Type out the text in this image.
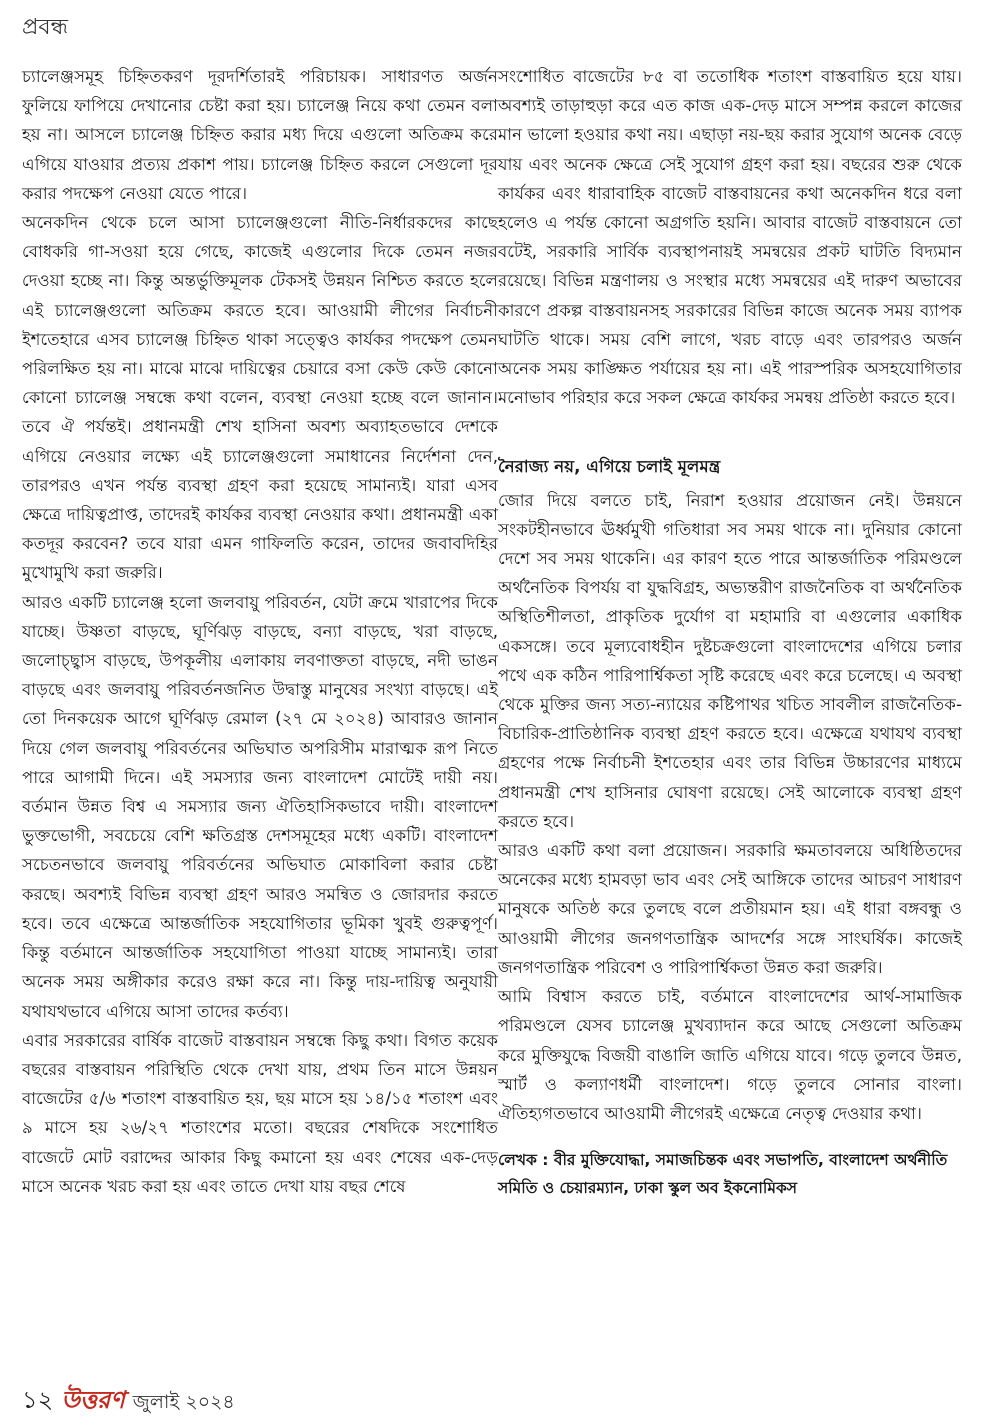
প্রবন্ধ

চ্যালেঞ্জসমূহ চিহ্নিতকরণ দূরদর্শিতারই পরিচায়ক। সাধারণত অর্জন ফুলিয়ে ফাপিয়ে দেখানোর চেষ্টা করা হয়। চ্যালেঞ্জ নিয়ে কথা তেমন বলা হয় না। আসলে চ্যালেঞ্জ চিহ্নিত করার মধ্য দিয়ে এগুলো অতিক্রম করে এগিয়ে যাওয়ার প্রত্যয় প্রকাশ পায়। চ্যালেঞ্জ চিহ্নিত করলে সেগুলো দূর করার পদক্ষেপ নেওয়া যেতে পারে।

অনেকদিন থেকে চলে আসা চ্যালেঞ্জগুলো নীতি-নির্ধারকদের কাছে বোধকরি গা-সওয়া হয়ে গেছে, কাজেই এগুলোর দিকে তেমন নজর দেওয়া হচ্ছে না। কিন্তু অন্তর্ভুক্তিমূলক টেকসই উন্নয়ন নিশ্চিত করতে হলে এই চ্যালেঞ্জগুলো অতিক্রম করতে হবে। আওয়ামী লীগের নির্বাচনী ইশতেহারে এসব চ্যালেঞ্জ চিহ্নিত থাকা সত্ত্বেও কার্যকর পদক্ষেপ তেমন পরিলক্ষিত হয় না। মাঝে মাঝে দায়িত্বের চেয়ারে বসা কেউ কেউ কোনো কোনো চ্যালেঞ্জ সম্বন্ধে কথা বলেন, ব্যবস্থা নেওয়া হচ্ছে বলে জানান। তবে ঐ পর্যন্তই। প্রধানমন্ত্রী শেখ হাসিনা অবশ্য অব্যাহতভাবে দেশকে এগিয়ে নেওয়ার লক্ষ্যে এই চ্যালেঞ্জগুলো সমাধানের নির্দেশনা দেন, তারপরও এখন পর্যন্ত ব্যবস্থা গ্রহণ করা হয়েছে সামান্যই। যারা এসব ক্ষেত্রে দায়িত্বপ্রাপ্ত, তাদেরই কার্যকর ব্যবস্থা নেওয়ার কথা। প্রধানমন্ত্রী একা কতদূর করবেন? তবে যারা এমন গাফিলতি করেন, তাদের জবাবদিহির মুখোমুখি করা জরুরি।

আরও একটি চ্যালেঞ্জ হলো জলবায়ু পরিবর্তন, যেটা ক্রমে খারাপের দিকে যাচ্ছে। উষ্ণতা বাড়ছে, ঘূর্ণিঝড় বাড়ছে, বন্যা বাড়ছে, খরা বাড়ছে, জলোচ্ছ্বাস বাড়ছে, উপকূলীয় এলাকায় লবণাক্ততা বাড়ছে, নদী ভাঙন বাড়ছে এবং জলবায়ু পরিবর্তনজনিত উদ্বাস্তু মানুষের সংখ্যা বাড়ছে। এই তো দিনকয়েক আগে ঘূর্ণিঝড় রেমাল (২৭ মে ২০২৪) আবারও জানান দিয়ে গেল জলবায়ু পরিবর্তনের অভিঘাত অপরিসীম মারাত্মক রূপ নিতে পারে আগামী দিনে। এই সমস্যার জন্য বাংলাদেশ মোটেই দায়ী নয়। বর্তমান উন্নত বিশ্ব এ সমস্যার জন্য ঐতিহাসিকভাবে দায়ী। বাংলাদেশ ভুক্তভোগী, সবচেয়ে বেশি ক্ষতিগ্রস্ত দেশসমূহের মধ্যে একটি। বাংলাদেশ সচেতনভাবে জলবায়ু পরিবর্তনের অভিঘাত মোকাবিলা করার চেষ্টা করছে। অবশ্যই বিভিন্ন ব্যবস্থা গ্রহণ আরও সমন্বিত ও জোরদার করতে হবে। তবে এক্ষেত্রে আন্তর্জাতিক সহযোগিতার ভূমিকা খুবই গুরুত্বপূর্ণ। কিন্তু বর্তমানে আন্তর্জাতিক সহযোগিতা পাওয়া যাচ্ছে সামান্যই। তারা অনেক সময় অঙ্গীকার করেও রক্ষা করে না। কিন্তু দায়-দায়িত্ব অনুযায়ী যথাযথভাবে এগিয়ে আসা তাদের কর্তব্য।

এবার সরকারের বার্ষিক বাজেট বাস্তবায়ন সম্বন্ধে কিছু কথা। বিগত কয়েক বছরের বাস্তবায়ন পরিস্থিতি থেকে দেখা যায়, প্রথম তিন মাসে উন্নয়ন বাজেটের ৫/৬ শতাংশ বাস্তবায়িত হয়, ছয় মাসে হয় ১৪/১৫ শতাংশ এবং ৯ মাসে হয় ২৬/২৭ শতাংশের মতো। বছরের শেষদিকে সংশোধিত বাজেটে মোট বরাদ্দের আকার কিছু কমানো হয় এবং শেষের এক-দেড় মাসে অনেক খরচ করা হয় এবং তাতে দেখা যায় বছর শেষে

সংশোধিত বাজেটের ৮৫ বা ততোধিক শতাংশ বাস্তবায়িত হয়ে যায়। অবশ্যই তাড়াহুড়া করে এত কাজ এক-দেড় মাসে সম্পন্ন করলে কাজের মান ভালো হওয়ার কথা নয়। এছাড়া নয়-ছয় করার সুযোগ অনেক বেড়ে যায় এবং অনেক ক্ষেত্রে সেই সুযোগ গ্রহণ করা হয়। বছরের শুরু থেকে কার্যকর এবং ধারাবাহিক বাজেট বাস্তবায়নের কথা অনেকদিন ধরে বলা হলেও এ পর্যন্ত কোনো অগ্রগতি হয়নি। আবার বাজেট বাস্তবায়নে তো বটেই, সরকারি সার্বিক ব্যবস্থাপনায়ই সমন্বয়ের প্রকট ঘাটতি বিদ্যমান রয়েছে। বিভিন্ন মন্ত্রণালয় ও সংস্থার মধ্যে সমন্বয়ের এই দারুণ অভাবের কারণে প্রকল্প বাস্তবায়নসহ সরকারের বিভিন্ন কাজে অনেক সময় ব্যাপক ঘাটতি থাকে। সময় বেশি লাগে, খরচ বাড়ে এবং তারপরও অর্জন অনেক সময় কাঙ্ক্ষিত পর্যায়ের হয় না। এই পারস্পরিক অসহযোগিতার মনোভাব পরিহার করে সকল ক্ষেত্রে কার্যকর সমন্বয় প্রতিষ্ঠা করতে হবে।

নৈরাজ্য নয়, এগিয়ে চলাই মূলমন্ত্র

জোর দিয়ে বলতে চাই, নিরাশ হওয়ার প্রয়োজন নেই। উন্নয়নে সংকটহীনভাবে ঊর্ধ্বমুখী গতিধারা সব সময় থাকে না। দুনিয়ার কোনো দেশে সব সময় থাকেনি। এর কারণ হতে পারে আন্তর্জাতিক পরিমণ্ডলে অর্থনৈতিক বিপর্যয় বা যুদ্ধবিগ্রহ, অভ্যন্তরীণ রাজনৈতিক বা অর্থনৈতিক অস্থিতিশীলতা, প্রাকৃতিক দুর্যোগ বা মহামারি বা এগুলোর একাধিক একসঙ্গে। তবে মূল্যবোধহীন দুষ্টচক্রগুলো বাংলাদেশের এগিয়ে চলার পথে এক কঠিন পারিপার্শ্বিকতা সৃষ্টি করেছে এবং করে চলেছে। এ অবস্থা থেকে মুক্তির জন্য সত্য-ন্যায়ের কষ্টিপাথর খচিত সাবলীল রাজনৈতিক-বিচারিক-প্রাতিষ্ঠানিক ব্যবস্থা গ্রহণ করতে হবে। এক্ষেত্রে যথাযথ ব্যবস্থা গ্রহণের পক্ষে নির্বাচনী ইশতেহার এবং তার বিভিন্ন উচ্চারণের মাধ্যমে প্রধানমন্ত্রী শেখ হাসিনার ঘোষণা রয়েছে। সেই আলোকে ব্যবস্থা গ্রহণ করতে হবে।

আরও একটি কথা বলা প্রয়োজন। সরকারি ক্ষমতাবলয়ে অধিষ্ঠিতদের অনেকের মধ্যে হামবড়া ভাব এবং সেই আঙ্গিকে তাদের আচরণ সাধারণ মানুষকে অতিষ্ঠ করে তুলছে বলে প্রতীয়মান হয়। এই ধারা বঙ্গবন্ধু ও আওয়ামী লীগের জনগণতান্ত্রিক আদর্শের সঙ্গে সাংঘর্ষিক। কাজেই জনগণতান্ত্রিক পরিবেশ ও পারিপার্শ্বিকতা উন্নত করা জরুরি।

আমি বিশ্বাস করতে চাই, বর্তমানে বাংলাদেশের আর্থ-সামাজিক পরিমণ্ডলে যেসব চ্যালেঞ্জ মুখব্যাদান করে আছে সেগুলো অতিক্রম করে মুক্তিযুদ্ধে বিজয়ী বাঙালি জাতি এগিয়ে যাবে। গড়ে তুলবে উন্নত, স্মার্ট ও কল্যাণধর্মী বাংলাদেশ। গড়ে তুলবে সোনার বাংলা। ঐতিহ্যগতভাবে আওয়ামী লীগেরই এক্ষেত্রে নেতৃত্ব দেওয়ার কথা।

লেখক : বীর মুক্তিযোদ্ধা, সমাজচিন্তক এবং সভাপতি, বাংলাদেশ অর্থনীতি সমিতি ও চেয়ারম্যান, ঢাকা স্কুল অব ইকনোমিকস
১২ উত্তরণ জুলাই ২০২৪
